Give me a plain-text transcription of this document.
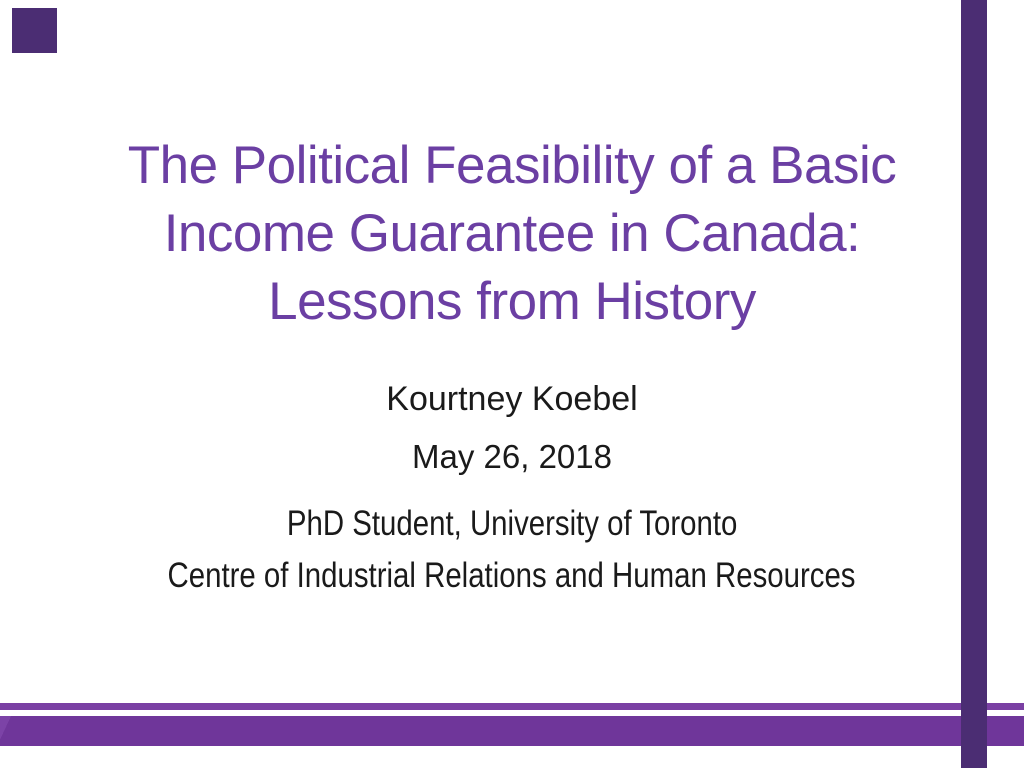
The Political Feasibility of a Basic
Income Guarantee in Canada:
Lessons from History
Kourtney Koebel
May 26, 2018
PhD Student, University of Toronto
Centre of Industrial Relations and Human Resources
